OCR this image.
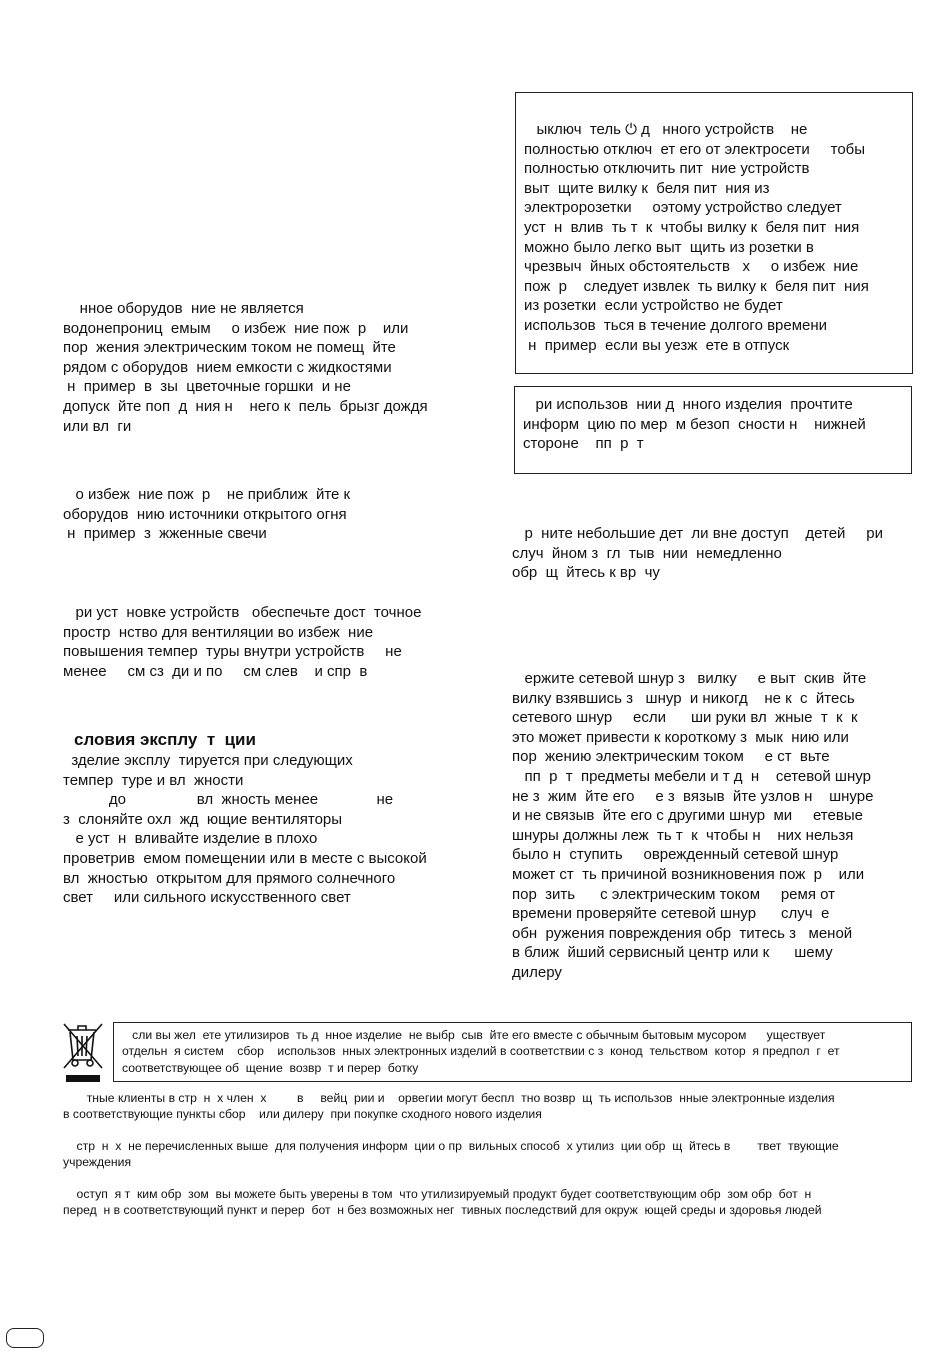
нное оборудов  ние не является
водонепрониц  емым     о избеж  ние пож  р    или
пор  жения электрическим током не помещ  йте
рядом с оборудов  нием емкости с жидкостями
н  пример  в  зы  цветочные горшки  и не
допуск  йте поп  д  ния н    него к  пель  брызг дождя
или вл  ги
о избеж  ние пож  р    не приближ  йте к
оборудов  нию источники открытого огня
н  пример  з  жженные свечи
ри уст  новке устройств   обеспечьте дост  точное
простр  нство для вентиляции во избеж  ние
повышения темпер  туры внутри устройств     не
менее     см сз  ди и по     см слев    и спр  в
словия эксплу  т  ции
зделие эксплу  тируется при следующих
темпер  туре и вл  жности
до                 вл  жность менее              не
з  слоняйте охл  жд  ющие вентиляторы
е уст  н  вливайте изделие в плохо
проветрив  емом помещении или в месте с высокой
вл  жностью  открытом для прямого солнечного
свет     или сильного искусственного свет
ыключ  тель ⏻ д   нного устройств    не
полностью отключ  ет его от электросети     тобы
полностью отключить пит  ние устройств
выт  щите вилку к  беля пит  ния из
электророзетки     оэтому устройство следует
уст  н  влив  ть т  к  чтобы вилку к  беля пит  ния
можно было легко выт  щить из розетки в
чрезвыч  йных обстоятельств   х     о избеж  ние
пож  р    следует извлек  ть вилку к  беля пит  ния
из розетки  если устройство не будет
использов  ться в течение долгого времени
н  пример  если вы уезж  ете в отпуск
ри использов  нии д  нного изделия  прочтите
информ  цию по мер  м безоп  сности н    нижней
стороне    пп  р  т
р  ните небольшие дет  ли вне доступ    детей     ри
случ  йном з  гл  тыв  нии  немедленно
обр  щ  йтесь к вр  чу
ержите сетевой шнур з   вилку     е выт  скив  йте
вилку взявшись з   шнур  и никогд    не к  с  йтесь
сетевого шнур     если      ши руки вл  жные  т  к  к
это может привести к короткому з  мык  нию или
пор  жению электрическим током     е ст  вьте
пп  р  т  предметы мебели и т д  н    сетевой шнур
не з  жим  йте его     е з  вязыв  йте узлов н    шнуре
и не связыв  йте его с другими шнур  ми     етевые
шнуры должны леж  ть т  к  чтобы н    них нельзя
было н  ступить     оврежденный сетевой шнур
может ст  ть причиной возникновения пож  р    или
пор  зить      с электрическим током     ремя от
времени проверяйте сетевой шнур      случ  е
обн  ружения повреждения обр  титесь з   меной
в ближ  йший сервисный центр или к      шему
дилеру
сли вы жел  ете утилизиров  ть д  нное изделие  не выбр  сыв  йте его вместе с обычным бытовым мусором      уществует
отдельн  я систем    сбор    использов  нных электронных изделий в соответствии с з  конод  тельством  котор  я предпол  г  ет
соответствующее об  щение  возвр  т и перер  ботку
тные клиенты в стр  н  х член  х         в     вейц  рии и    орвегии могут беспл  тно возвр  щ  ть использов  нные электронные изделия
в соответствующие пункты сбор    или дилеру  при покупке сходного нового изделия
стр  н  х  не перечисленных выше  для получения информ  ции о пр  вильных способ  х утилиз  ции обр  щ  йтесь в        твет  твующие
учреждения
оступ  я т  ким обр  зом  вы можете быть уверены в том  что утилизируемый продукт будет соответствующим обр  зом обр  бот  н
перед  н в соответствующий пункт и перер  бот  н без возможных нег  тивных последствий для окруж  ющей среды и здоровья людей
